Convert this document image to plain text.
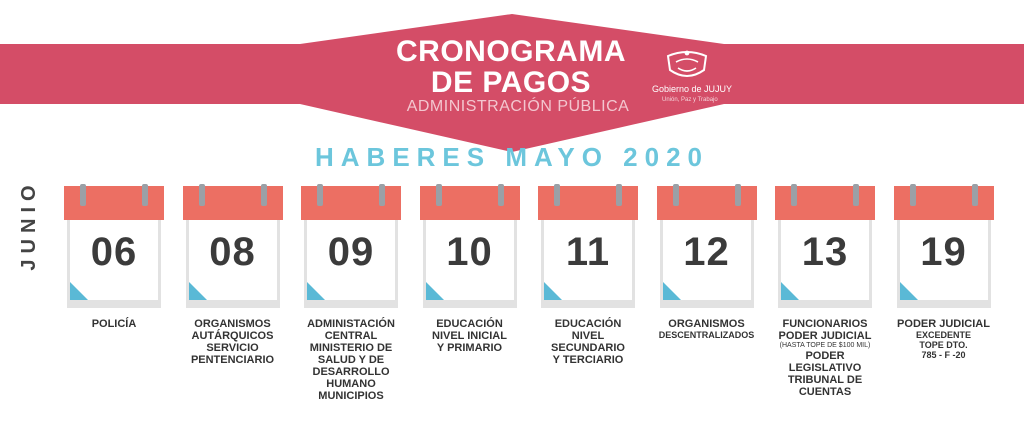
CRONOGRAMA
DE PAGOS
ADMINISTRACIÓN PÚBLICA
Gobierno de JUJUY
Unión, Paz y Trabajo
HABERES MAYO 2020
JUNIO	06
POLICÍA
08
ORGANISMOS
AUTÁRQUICOS
SERVICIO
PENTENCIARIO
09
ADMINISTACIÓN
CENTRAL
MINISTERIO DE
SALUD Y DE
DESARROLLO
HUMANO
MUNICIPIOS
10
EDUCACIÓN
NIVEL INICIAL
Y PRIMARIO
11
EDUCACIÓN
NIVEL
SECUNDARIO
Y TERCIARIO
12
ORGANISMOS
DESCENTRALIZADOS
13
FUNCIONARIOS
PODER JUDICIAL
(HASTA TOPE DE $100 MIL)
PODER
LEGISLATIVO
TRIBUNAL DE
CUENTAS
19
PODER JUDICIAL
EXCEDENTE
TOPE DTO.
785 - F -20
